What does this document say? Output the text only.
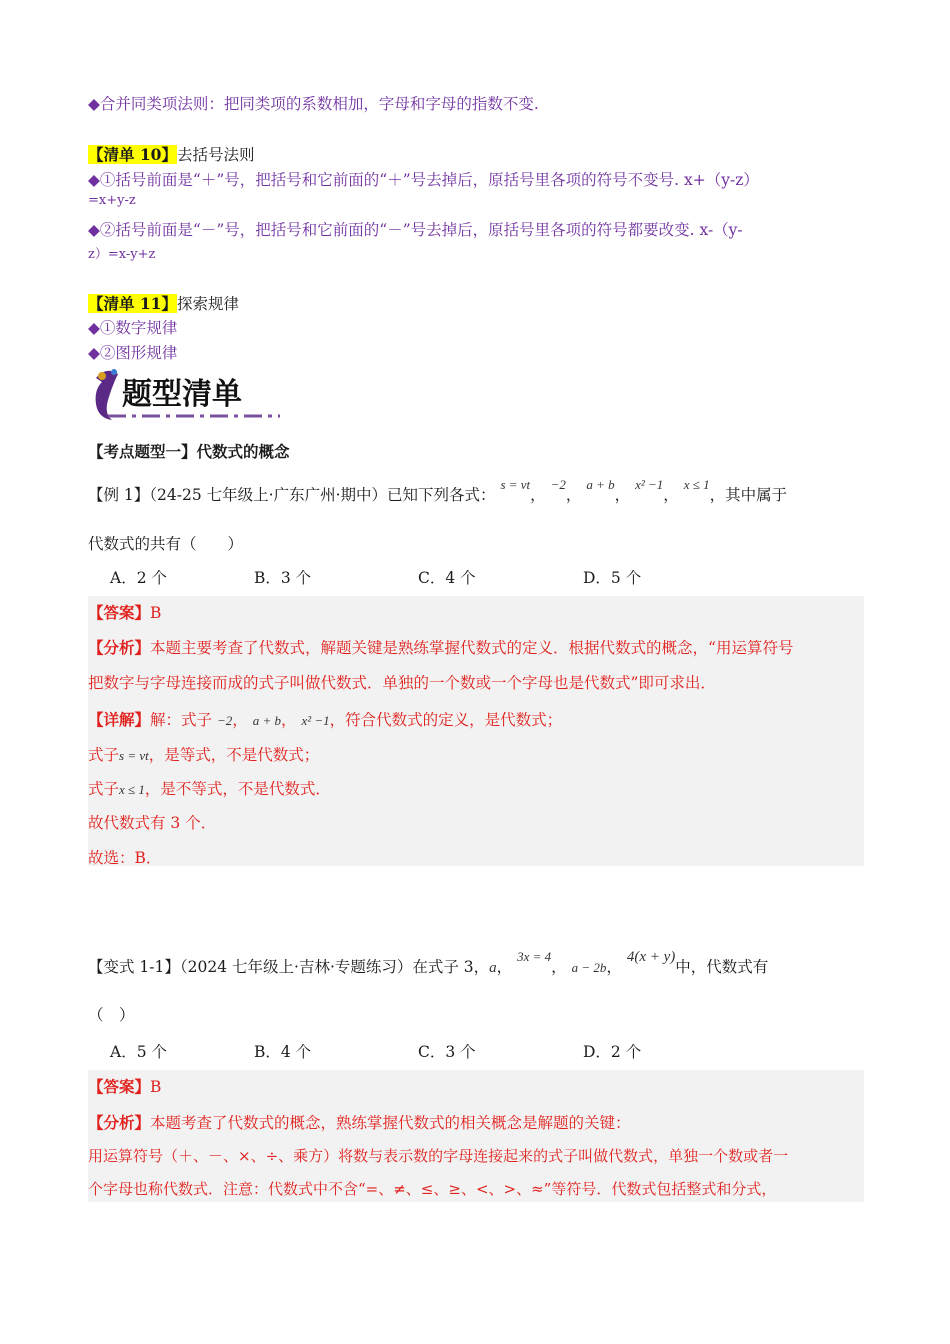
◆合并同类项法则：把同类项的系数相加，字母和字母的指数不变.
【清单 10】去括号法则
◆①括号前面是“＋”号，把括号和它前面的“＋”号去掉后，原括号里各项的符号不变号. x+（y-z）
=x+y-z
◆②括号前面是“－”号，把括号和它前面的“－”号去掉后，原括号里各项的符号都要改变. x-（y-
z）=x-y+z
【清单 11】探索规律
◆①数字规律
◆②图形规律
题型清单
【考点题型一】代数式的概念
【例 1】（24-25 七年级上·广东广州·期中）已知下列各式： $^{s = vt}$， $^{-2}$， $^{a + b}$， $^{x^2 -1}$， $^{x \le 1}$，其中属于
代数式的共有（　　）
A．2 个	B．3 个	C．4 个	D．5 个
【答案】B
【分析】本题主要考查了代数式，解题关键是熟练掌握代数式的定义．根据代数式的概念，“用运算符号
把数字与字母连接而成的式子叫做代数式．单独的一个数或一个字母也是代数式”即可求出．
【详解】解：式子 −2， a + b， x² −1，符合代数式的定义，是代数式；
式子s = vt，是等式，不是代数式；
式子x ≤ 1，是不等式，不是代数式．
故代数式有 3 个．
故选：B．
【变式 1-1】（2024 七年级上·吉林·专题练习）在式子 3，a， $^{3x = 4}$， a − 2b， 4(x + y)中，代数式有
（　）
A．5 个	B．4 个	C．3 个	D．2 个
【答案】B
【分析】本题考查了代数式的概念，熟练掌握代数式的相关概念是解题的关键：
用运算符号（＋、－、×、÷、乘方）将数与表示数的字母连接起来的式子叫做代数式，单独一个数或者一
个字母也称代数式．注意：代数式中不含“=、≠、≤、≥、<、>、≈”等符号．代数式包括整式和分式，
